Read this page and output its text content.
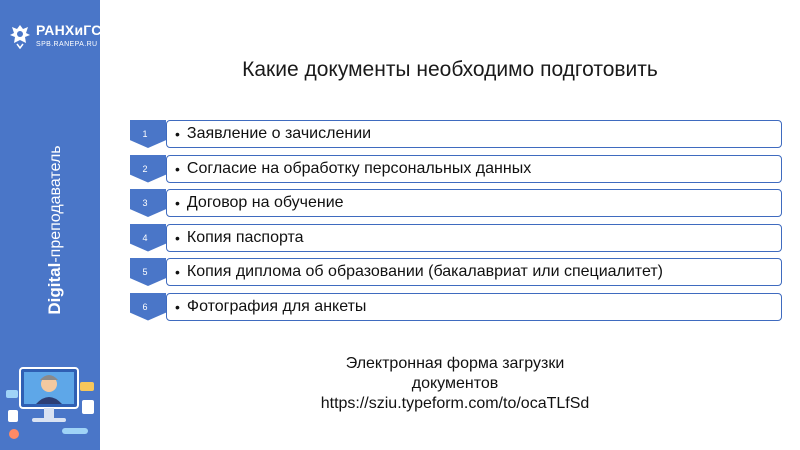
РАНХиГС
SPB.RANEPA.RU
Digital-преподаватель
Какие документы необходимо подготовить
1	• Заявление о зачислении
2	• Согласие на обработку персональных данных
3	• Договор на обучение
4	• Копия паспорта
5	• Копия диплома об образовании (бакалавриат или специалитет)
6	• Фотография для анкеты
Электронная форма загрузки
документов
https://sziu.typeform.com/to/ocaTLfSd
